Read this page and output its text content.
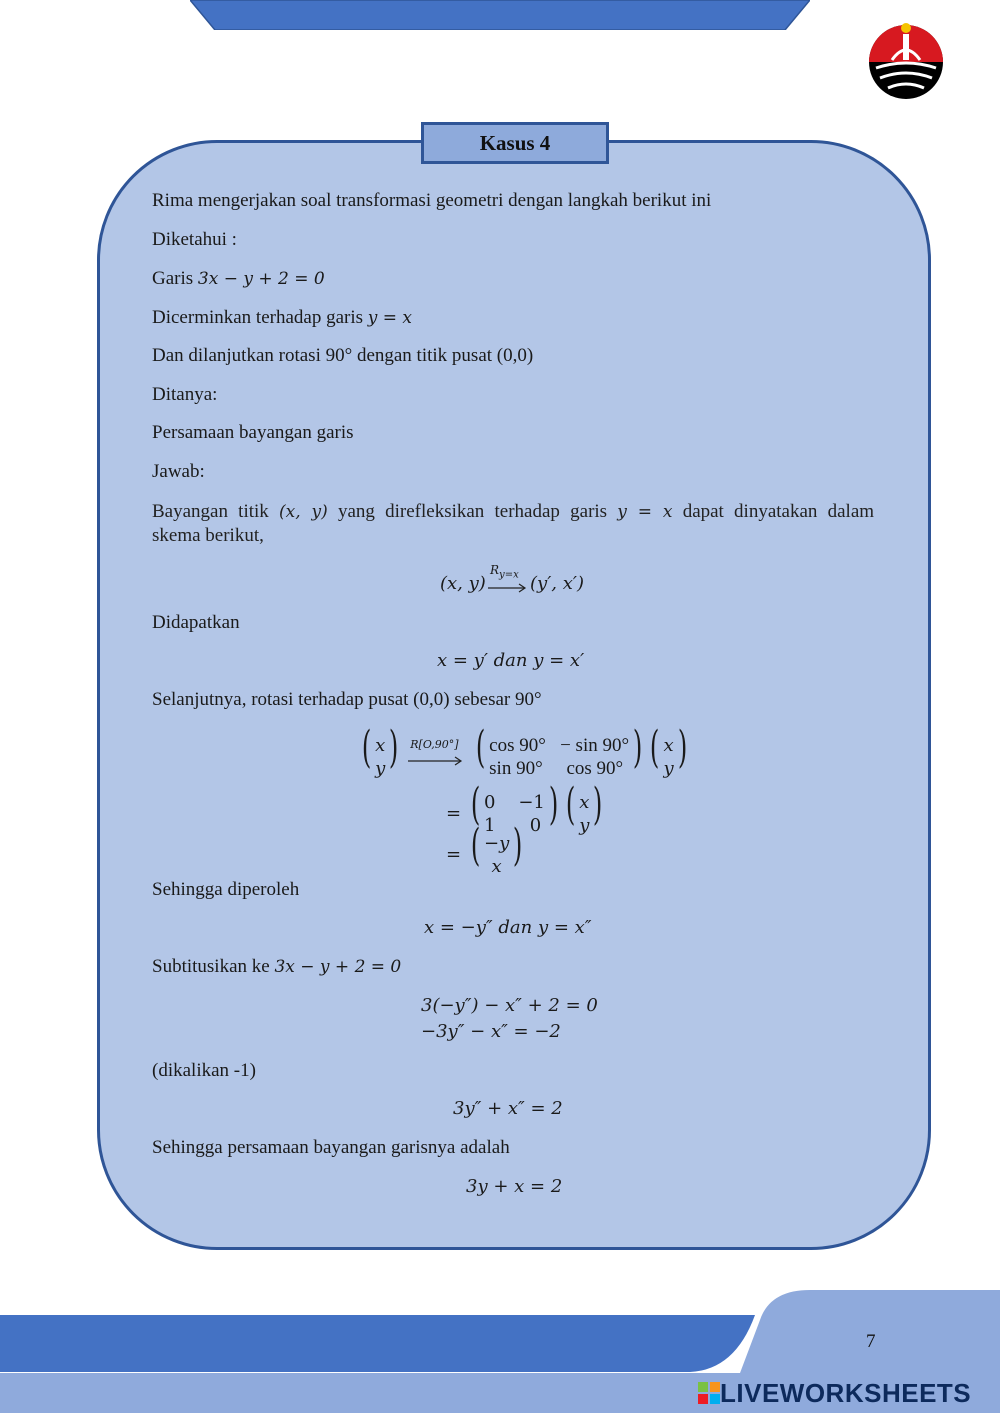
Kasus 4
Rima mengerjakan soal transformasi geometri dengan langkah berikut ini
Diketahui :
Garis 3x − y + 2 = 0
Dicerminkan terhadap garis y = x
Dan dilanjutkan rotasi 90° dengan titik pusat (0,0)
Ditanya:
Persamaan bayangan garis
Jawab:
Bayangan titik (x, y) yang direfleksikan terhadap garis y = x dapat dinyatakan dalam
skema berikut,
(x, y)
$R_{y=x}$ (y′, x′)
Didapatkan
x = y′ dan y = x′
Selanjutnya, rotasi terhadap pusat (0,0) sebesar 90°
( x
y) R[O,90°] ( cos 90° − sin 90°
sin 90° cos 90° ) ( x
y)
= ( 0 −1
1 0 ) ( x
y)
= ( −y
x )
Sehingga diperoleh
x = −y″ dan y = x″
Subtitusikan ke 3x − y + 2 = 0
3(−y″) − x″ + 2 = 0
−3y″ − x″ = −2
(dikalikan -1)
3y″ + x″ = 2
Sehingga persamaan bayangan garisnya adalah
3y + x = 2
7
LIVEWORKSHEETS
